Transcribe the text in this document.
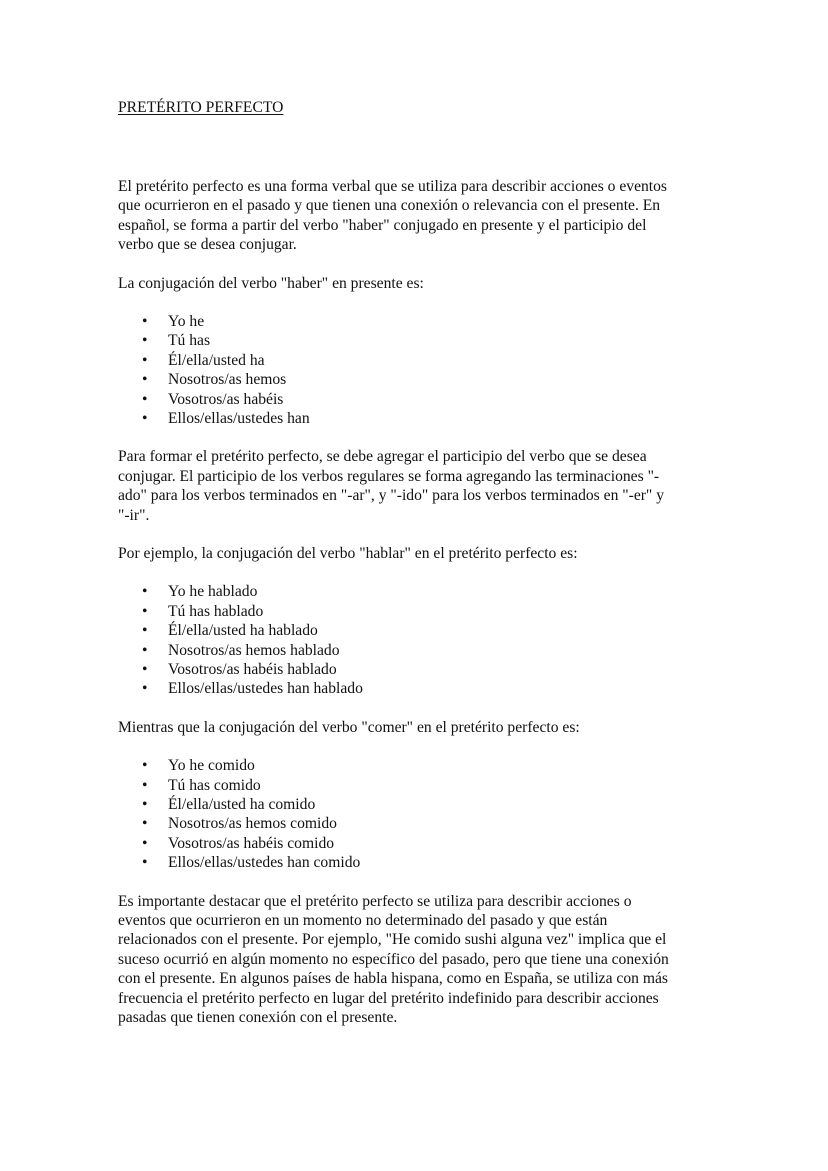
PRETÉRITO PERFECTO

El pretérito perfecto es una forma verbal que se utiliza para describir acciones o eventos
que ocurrieron en el pasado y que tienen una conexión o relevancia con el presente. En
español, se forma a partir del verbo "haber" conjugado en presente y el participio del
verbo que se desea conjugar.

La conjugación del verbo "haber" en presente es:

• Yo he
• Tú has
• Él/ella/usted ha
• Nosotros/as hemos
• Vosotros/as habéis
• Ellos/ellas/ustedes han

Para formar el pretérito perfecto, se debe agregar el participio del verbo que se desea
conjugar. El participio de los verbos regulares se forma agregando las terminaciones "-
ado" para los verbos terminados en "-ar", y "-ido" para los verbos terminados en "-er" y
"-ir".

Por ejemplo, la conjugación del verbo "hablar" en el pretérito perfecto es:

• Yo he hablado
• Tú has hablado
• Él/ella/usted ha hablado
• Nosotros/as hemos hablado
• Vosotros/as habéis hablado
• Ellos/ellas/ustedes han hablado

Mientras que la conjugación del verbo "comer" en el pretérito perfecto es:

• Yo he comido
• Tú has comido
• Él/ella/usted ha comido
• Nosotros/as hemos comido
• Vosotros/as habéis comido
• Ellos/ellas/ustedes han comido

Es importante destacar que el pretérito perfecto se utiliza para describir acciones o
eventos que ocurrieron en un momento no determinado del pasado y que están
relacionados con el presente. Por ejemplo, "He comido sushi alguna vez" implica que el
suceso ocurrió en algún momento no específico del pasado, pero que tiene una conexión
con el presente. En algunos países de habla hispana, como en España, se utiliza con más
frecuencia el pretérito perfecto en lugar del pretérito indefinido para describir acciones
pasadas que tienen conexión con el presente.
